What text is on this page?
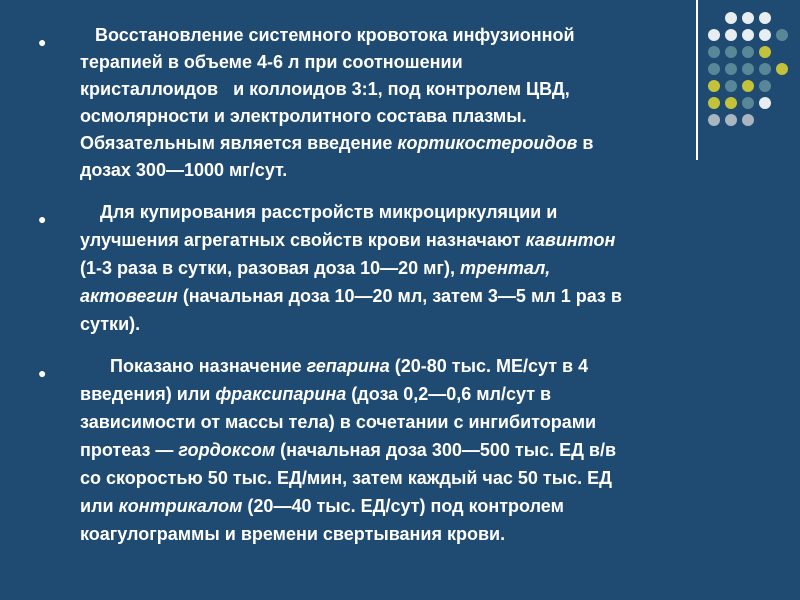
● Восстановление системного кровотока инфузионной
терапией в объеме 4-6 л при соотношении
кристаллоидов   и коллоидов 3:1, под контролем ЦВД,
осмолярности и электролитного состава плазмы.
Обязательным является введение кортикостероидов в
дозах 300—1000 мг/сут.
● Для купирования расстройств микроциркуляции и
улучшения агрегатных свойств крови назначают кавинтон
(1-3 раза в сутки, разовая доза 10—20 мг), трентал,
актовегин (начальная доза 10—20 мл, затем 3—5 мл 1 раз в
сутки).
● Показано назначение гепарина (20-80 тыс. МЕ/сут в 4
введения) или фраксипарина (доза 0,2—0,6 мл/сут в
зависимости от массы тела) в сочетании с ингибиторами
протеаз — гордоксом (начальная доза 300—500 тыс. ЕД в/в
со скоростью 50 тыс. ЕД/мин, затем каждый час 50 тыс. ЕД
или контрикалом (20—40 тыс. ЕД/сут) под контролем
коагулограммы и времени свертывания крови.
